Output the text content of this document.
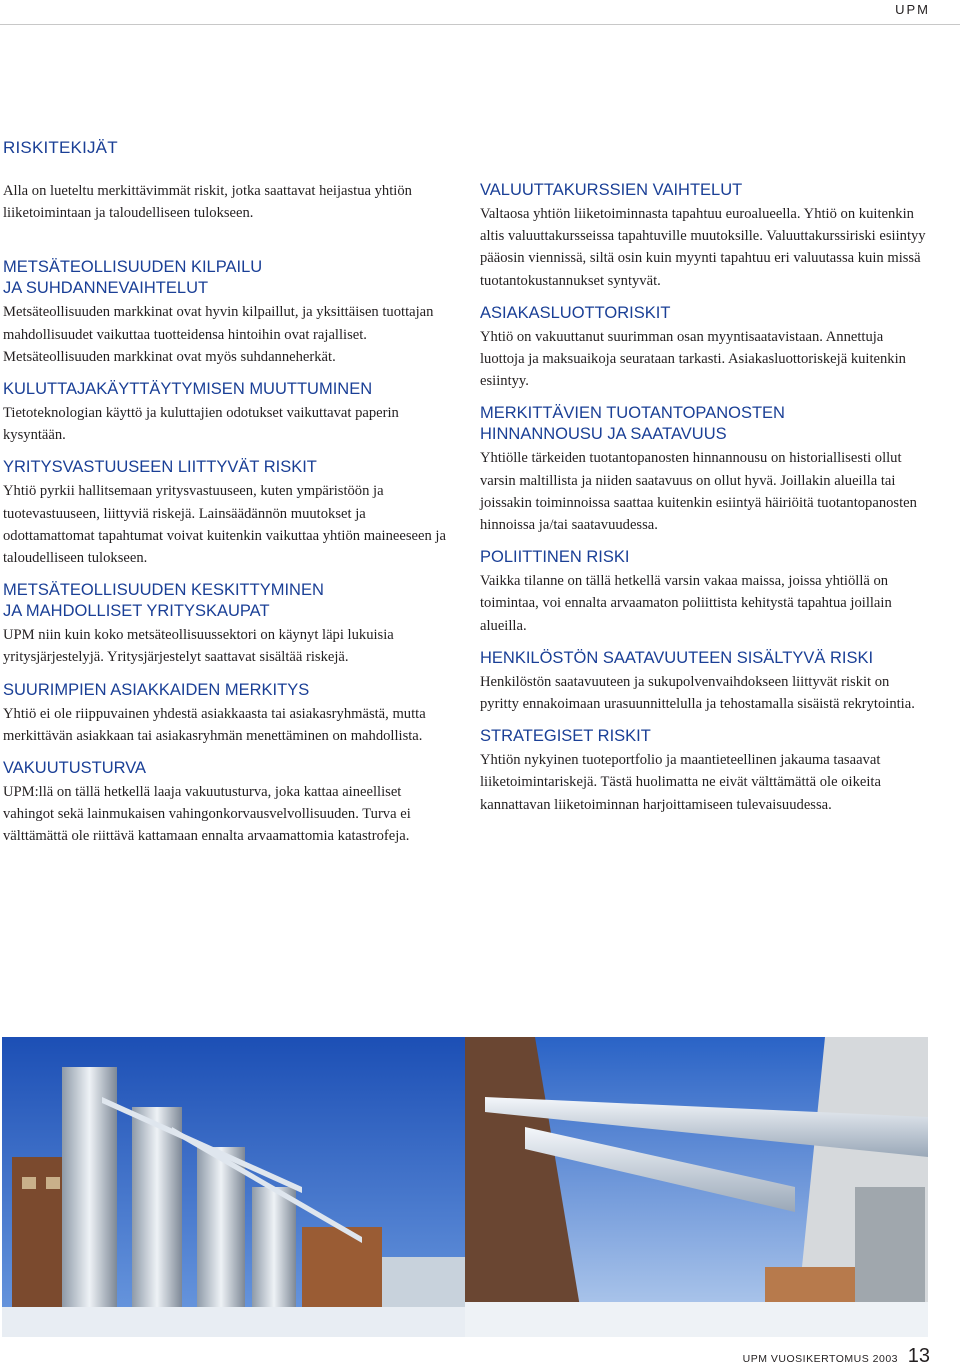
UPM
RISKITEKIJÄT

Alla on lueteltu merkittävimmät riskit, jotka saattavat heijastua yhtiön liiketoimintaan ja taloudelliseen tulokseen.

METSÄTEOLLISUUDEN KILPAILU
JA SUHDANNEVAIHTELUT

Metsäteollisuuden markkinat ovat hyvin kilpaillut, ja yksittäisen tuottajan mahdollisuudet vaikuttaa tuotteidensa hintoihin ovat rajalliset. Metsäteollisuuden markkinat ovat myös suhdanneherkät.

KULUTTAJAKÄYTTÄYTYMISEN MUUTTUMINEN

Tietoteknologian käyttö ja kuluttajien odotukset vaikuttavat paperin kysyntään.

YRITYSVASTUUSEEN LIITTYVÄT RISKIT

Yhtiö pyrkii hallitsemaan yritysvastuuseen, kuten ympäristöön ja tuotevastuuseen, liittyviä riskejä. Lainsäädännön muutokset ja odottamattomat tapahtumat voivat kuitenkin vaikuttaa yhtiön maineeseen ja taloudelliseen tulokseen.

METSÄTEOLLISUUDEN KESKITTYMINEN
JA MAHDOLLISET YRITYSKAUPAT

UPM niin kuin koko metsäteollisuussektori on käynyt läpi lukuisia yritysjärjestelyjä. Yritysjärjestelyt saattavat sisältää riskejä.

SUURIMPIEN ASIAKKAIDEN MERKITYS

Yhtiö ei ole riippuvainen yhdestä asiakkaasta tai asiakasryhmästä, mutta merkittävän asiakkaan tai asiakasryhmän menettäminen on mahdollista.

VAKUUTUSTURVA

UPM:llä on tällä hetkellä laaja vakuutusturva, joka kattaa aineelliset vahingot sekä lainmukaisen vahingonkorvausvelvollisuuden. Turva ei välttämättä ole riittävä kattamaan ennalta arvaamattomia katastrofeja.

VALUUTTAKURSSIEN VAIHTELUT

Valtaosa yhtiön liiketoiminnasta tapahtuu euroalueella. Yhtiö on kuitenkin altis valuuttakursseissa tapahtuville muutoksille. Valuuttakurssiriski esiintyy pääosin viennissä, siltä osin kuin myynti tapahtuu eri valuutassa kuin missä tuotantokustannukset syntyvät.

ASIAKASLUOTTORISKIT

Yhtiö on vakuuttanut suurimman osan myyntisaatavistaan. Annettuja luottoja ja maksuaikoja seurataan tarkasti. Asiakasluottoriskejä kuitenkin esiintyy.

MERKITTÄVIEN TUOTANTOPANOSTEN
HINNANNOUSU JA SAATAVUUS

Yhtiölle tärkeiden tuotantopanosten hinnannousu on historiallisesti ollut varsin maltillista ja niiden saatavuus on ollut hyvä. Joillakin alueilla tai joissakin toiminnoissa saattaa kuitenkin esiintyä häiriöitä tuotantopanosten hinnoissa ja/tai saatavuudessa.

POLIITTINEN RISKI

Vaikka tilanne on tällä hetkellä varsin vakaa maissa, joissa yhtiöllä on toimintaa, voi ennalta arvaamaton poliittista kehitystä tapahtua joillain alueilla.

HENKILÖSTÖN SAATAVUUTEEN SISÄLTYVÄ RISKI

Henkilöstön saatavuuteen ja sukupolvenvaihdokseen liittyvät riskit on pyritty ennakoimaan urasuunnittelulla ja tehostamalla sisäistä rekrytointia.

STRATEGISET RISKIT

Yhtiön nykyinen tuoteportfolio ja maantieteellinen jakauma tasaavat liiketoimintariskejä. Tästä huolimatta ne eivät välttämättä ole oikeita kannattavan liiketoiminnan harjoittamiseen tulevaisuudessa.

UPM VUOSIKERTOMUS 2003 13
